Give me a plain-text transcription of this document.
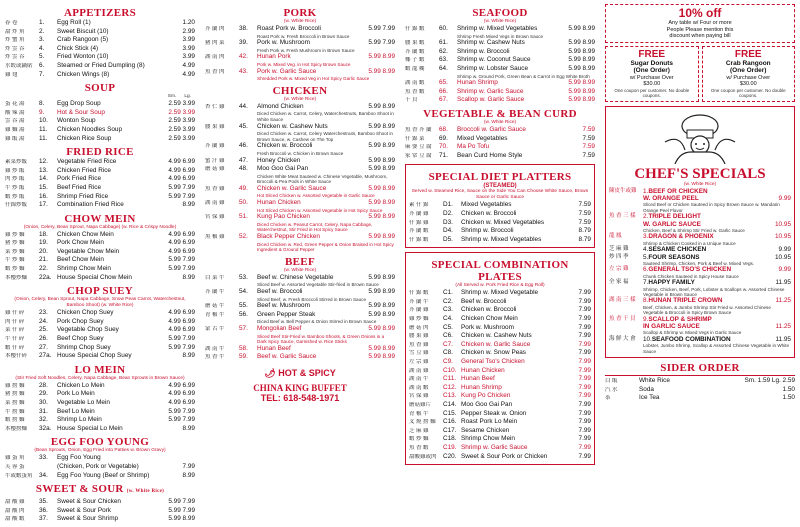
APPETIZERS
春 卷	1.	Egg Roll (1)	1.20
甜 炸 角	2.	Sweet Biscuit (10)	2.99
炸 蟹 角	3.	Crab Rangoon (5)	3.99
炸 雲 吞	4.	Chick Stick (4)	3.99
炸 雲 吞	5.	Fried Wonton (10)	3.99
水餃或鍋貼	6.	Steamed or Fried Dumpling (8)	4.99
雞 翅	7.	Chicken Wings (8)	4.99
SOUP
Sm. Lg.
蛋 花 湯	8.	Egg Drop Soup	2.59 3.99
酸 辣 湯	9.	Hot & Sour Soup	2.59 3.99
雲 吞 湯	10.	Wonton Soup	2.59 3.99
雞 麵 湯	11.	Chicken Noodles Soup	2.59 3.99
雞 飯 湯	11.	Chicken Rice Soup	2.59 3.99
FRIED RICE
素菜炒飯	12.	Vegetable Fried Rice	4.99 6.99
雞 炒 飯	13.	Chicken Fried Rice	4.99 6.99
肉 炒 飯	14.	Pork Fried Rice	4.99 6.99
牛 炒 飯	15.	Beef Fried Rice	5.99 7.99
蝦 炒 飯	16.	Shrimp Fried Rice	5.99 7.99
什錦炒飯	17.	Combination Fried Rice	8.99
CHOW MEIN
(Onion, Celery, Bean Sprout, Napa Cabbage) (w. Rice & Crispy Noodle)
雞 炒 麵	18.	Chicken Chow Mein	4.99 6.99
豬 炒 麵	19.	Pork Chow Mein	4.99 6.99
菜 炒 麵	20.	Vegetable Chow Mein	4.99 6.99
牛 炒 麵	21.	Beef Chow Mein	5.99 7.99
蝦 炒 麵	22.	Shrimp Chow Mein	5.99 7.99
本樓炒麵	22a. House Special Chow Mein	8.99
CHOP SUEY
(Onion, Celery, Bean Sprout, Napa Cabbage, Snow Peas Carrot, Waterchestnut, Bamboo Shoot) (w. White Rice)
雞 什 碎	23.	Chicken Chop Suey	4.99 6.99
肉 什 碎	24.	Pork Chop Suey	4.99 6.99
菜 什 碎	25.	Vegetable Chop Suey	4.99 6.99
牛 什 碎	26.	Beef Chop Suey	5.99 7.99
蝦 什 碎	27.	Shrimp Chop Suey	5.99 7.99
本樓什碎	27a. House Special Chop Suey	8.99
LO MEIN
(Stir Fried Soft Noodles, Celery, Napa Cabbage, Bean Sprouts in Brown Sauce)
雞 撈 麵	28.	Chicken Lo Mein	4.99 6.99
豬 撈 麵	29.	Pork Lo Mein	4.99 6.99
菜 撈 麵	30.	Vegetable Lo Mein	4.99 6.99
牛 撈 麵	31.	Beef Lo Mein	5.99 7.99
蝦 撈 麵	32.	Shrimp Lo Mein	5.99 7.99
本樓撈麵	32a. House Special Lo Mein	8.99
EGG FOO YOUNG
(Bean Sprouts, Onion, Egg Fried into Patties w. Brown Gravy)
雞 蛋 角	33.	Egg Foo Young
芙 蓉 蛋	(Chicken, Pork or Vegetable)	7.99
牛或蝦蛋角	34.	Egg Foo Young (Beef or Shrimp)	8.99
SWEET & SOUR (w. White Rice)
甜 酸 雞	35.	Sweet & Sour Chicken	5.99 7.99
甜 酸 肉	36.	Sweet & Sour Pork	5.99 7.99
甜 酸 蝦	37.	Sweet & Sour Shrimp	5.99 8.99
PORK
(w. White Rice)
芥 蘭 肉	38.	Roast Pork w. Broccoli	5.99 7.99
Roast Pork w. Fresh Broccoli in Brown Sauce
豬 肉 菜	39.	Pork w. Mushroom	5.99 7.99
Fresh Pork w. Fresh Mushroom in Brown Sauce
湖 南 肉	42.	Hunan Pork	5.99 8.99
Pork w. Mixed Veg. in Hot Spicy Brown Sauce
魚 香 肉	43.	Pork w. Garlic Sauce	5.99 8.99
Shredded Pork w. Mixed Veg in Hot Spicy Garlic Sauce
CHICKEN
(w. White Rice)
杏 仁 雞	44.	Almond Chicken	5.99 8.99
Diced Chicken w. Carrot, Celery, Waterchestnuts, Bamboo Shoot in White Sauce
腰 果 雞	45.	Chicken w. Cashew Nuts	5.99 8.99
Diced Chicken w. Carrot, Celery Waterchestnuts, Bamboo Shoot in Brown Sauce, w. Cashew on The Top
芥 蘭 雞	46.	Chicken w. Broccoli	5.99 8.99
Fresh Broccoli w. Chicken in Brown Sauce
蜜 汁 雞	47.	Honey Chicken	5.99 8.99
蘑 菇 雞	48.	Moo Goo Gai Pan	5.99 8.99
Chicken White Meat Sauteed w. Chinese Vegetable, Mushroom, Broccoli & Pea Pods in White Sauce
魚 香 雞	49.	Chicken w. Garlic Sauce	5.99 8.99
Hot Sliced Chicken w. Assorted Vegetable in Garlic Sauce
湖 南 雞	50.	Hunan Chicken	5.99 8.99
Hot Sliced Chicken w. Assorted Vegetable in Hot Spicy Sauce
宮 保 雞	51.	Kung Pao Chicken	5.99 8.99
Diced Chicken w. Peanut Carrot, Celery, Napa Cabbage, Waterchestnut, Stir Fried in Hot Spicy Sauce
黑 椒 雞	52.	Black Pepper Chicken	5.99 8.99
Diced Chicken w. Red, Green Pepper & Onion Braised in Hot Spicy Ingredient & Ground Pepper
BEEF
(w. White Rice)
白 菜 牛	53.	Beef w. Chinese Vegetable	5.99 8.99
Sliced Beef w. Assorted Vegetable Stir-fried in Brown Sauce
芥 蘭 牛	54.	Beef w. Broccoli	5.99 8.99
Sliced Beef, w. Fresh Broccoli Stirred in Brown Sauce
蘑 菇 牛	55.	Beef w. Mushroom	5.99 8.99
青 椒 牛	56.	Green Pepper Steak	5.99 8.99
Diced Beef w. Bell Pepper & Onion Stirred in Brown Sauce
蒙 古 牛	57.	Mongolian Beef	5.99 8.99
Sliced Beef Stir-Fried w. Bamboo Shoots, & Green Onions in a Dark Spicy Sauce, Garnished w. Rice Sticks
湖 南 牛	58.	Hunan Beef	5.99 8.99
魚 香 牛	59.	Beef w. Garlic Sauce	5.99 8.99
🌶 HOT & SPICY
CHINA KING BUFFET
TEL: 618-548-1971
SEAFOOD
(w. White Rice)
什 錦 蝦	60.	Shrimp w. Mixed Vegetables	5.99 8.99
Shrimp Fresh Mixed Vegs in Brown Sauce
腰 果 蝦	61.	Shrimp w. Cashew Nuts	5.99 8.99
芥 蘭 蝦	62.	Shrimp w. Broccoli	5.99 8.99
椰 子 蝦	63.	Shrimp w. Coconut Sauce	5.99 8.99
蝦 龍 糊	64.	Shrimp w. Lobster Sauce	5.99 8.99
Shrimp w. Ground Pork, Green Bean & Carrot in Egg White Broth
湖 南 蝦	65.	Hunan Shrimp	5.99 8.99
魚 香 蝦	66.	Shrimp w. Garlic Sauce	5.99 8.99
干 貝	67.	Scallop w. Garlic Sauce	5.99 8.99
VEGETABLE & BEAN CURD
(w. White Rice)
魚 香 芥 蘭	68.	Broccoli w. Garlic Sauce	7.59
什 錦 菜	69.	Mixed Vegetables	7.59
麻 婆 豆 腐	70.	Ma Po Tofu	7.59
家 常 豆 腐	71.	Bean Curd Home Style	7.59
SPECIAL DIET PLATTERS
(STEAMED)
Served w. Steamed Rice, Sauce on the Side You Can Choose White Sauce, Brown Sauce or Garlic Sauce
素 什 錦	D1.	Mixed Vegetables	7.59
芥 蘭 雞	D2.	Chicken w. Broccoli	7.59
什 錦 雞	D3.	Chicken w. Mixed Vegetables	7.59
芥 蘭 蝦	D4.	Shrimp w. Broccoli	8.79
什 錦 蝦	D5.	Shrimp w. Mixed Vegetables	8.79
SPECIAL COMBINATION PLATES
(All Served w. Pork Fried Rice & Egg Roll)
什 錦 蝦	C1.	Shrimp w. Mixed Vegetable	7.99
芥 蘭 牛	C2.	Beef w. Broccoli	7.99
芥 蘭 雞	C3.	Chicken w. Broccoli	7.99
雞 炒 麵	C4.	Chicken Chow Mein	7.99
蘑 菇 肉	C5.	Pork w. Mushroom	7.99
腰 果 雞	C6.	Chicken w. Cashew Nuts	7.99
魚 香 雞	C7.	Chicken w. Garlic Sauce	7.99
雪 豆 雞	C8.	Chicken w. Snow Peas	7.99
左 宗 雞	C9.	General Tso's Chicken	7.99
湖 南 雞	C10. Hunan Chicken	7.99
湖 南 牛	C11. Hunan Beef	7.99
湖 南 蝦	C12. Hunan Shrimp	7.99
宮 保 雞	C13. Kung Po Chicken	7.99
蘑菇雞片	C14. Moo Goo Gai Pan	7.99
青 椒 牛	C15. Pepper Steak w. Onion	7.99
叉 燒 撈 麵	C16. Roast Pork Lo Mein	7.99
芝 麻 雞	C17. Sesame Chicken	7.99
蝦 炒 麵	C18. Shrimp Chow Mein	7.99
魚 香 蝦	C19. Shrimp w. Garlic Sauce	7.99
甜酸雞或肉	C20. Sweet & Sour Pork or Chicken	7.99
10% off
Any table w/ Four or more
People Please mention this
discount when paying bill
FREE
Sugar Donuts
(One Order)
w/ Purchase Over
$30.00
One coupon per customer. No double coupons.
FREE
Crab Rangoon
(One Order)
w/ Purchase Over
$30.00
One coupon per customer. No double coupons.
CHEF'S SPECIALS
(w. White Rice)
陳皮牛或雞	1. BEEF OR CHICKEN
W. ORANGE PEEL	9.99
Sliced Beef or Chicken Sauteed in Spicy Brown Sauce w. Mandarin Orange Peel Flavor
魚 香 三 樣	2. TRIPLE DELIGHT
W. GARLIC SAUCE	10.95
Chicken, Beef & Shrimp Stir Fried w. Garlic Sauce
龍 鳳	3. DRAGON & PHOENIX	10.95
Shrimp & Chicken Cooked in a Unique Sauce
芝 麻 雞	4. SESAME CHICKEN	9.99
炒 四 季	5. FOUR SEASONS	10.95
Sauteed Shrimp, Chicken, Pork & Beef w. Mixed Vegs.
左 宗 雞	6. GENERAL TSO'S CHICKEN	9.99
Chunk Chicken Sauteed in Spicy House Sauce
全 家 福	7. HAPPY FAMILY	11.95
Shrimp, Chicken, Beef, Pork, Lobster & Scallops w. Assorted Chinese Vegetable in Brown Sauce
湖 南 三 樣	8. HUNAN TRIPLE CROWN	11.25
Beef, Chicken, & Jumbo Shrimp Stir Fried w. Assorted Chinese Vegetable & Broccoli in Spicy Brown Sauce
魚 香 干 貝	9. SCALLOP & SHRIMP
IN GARLIC SAUCE	11.25
Scallop & Shrimp w. Mixed Vegs in Garlic Sauce
海 鮮 大 會	10. SEAFOOD COMBINATION	11.95
Lobster, Jumbo Shrimp, Scallop & Assorted Chinese Vegetable in White Sauce
SIDER ORDER
白 飯	White Rice	Sm. 1.59 Lg. 2.59
汽 水	Soda	1.50
茶	Ice Tea	1.50
